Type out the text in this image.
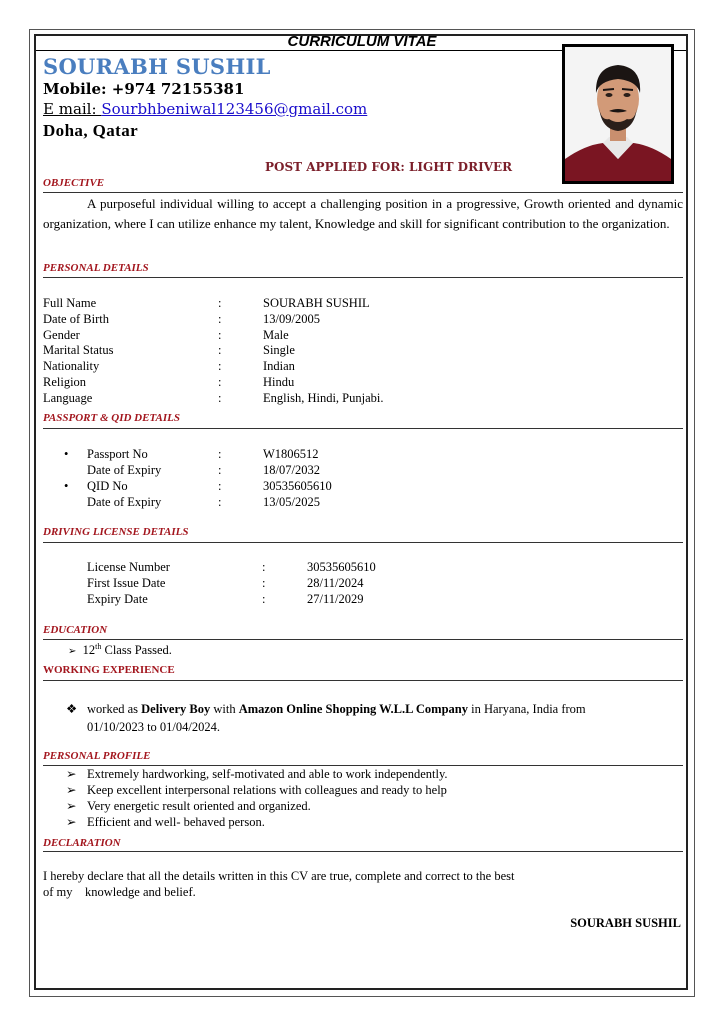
CURRICULUM VITAE
SOURABH SUSHIL
Mobile: +974 72155381
E mail: Sourbhbeniwal123456@gmail.com
Doha, Qatar
POST APPLIED FOR: LIGHT DRIVER
OBJECTIVE
A purposeful individual willing to accept a challenging position in a progressive, Growth oriented and dynamic organization, where I can utilize enhance my talent, Knowledge and skill for significant contribution to the organization.
PERSONAL DETAILS
Full Name	:	SOURABH SUSHIL
Date of Birth	:	13/09/2005
Gender	:	Male
Marital Status	:	Single
Nationality	:	Indian
Religion	:	Hindu
Language	:	English, Hindi, Punjabi.
PASSPORT & QID DETAILS
• Passport No	:	W1806512
Date of Expiry	:	18/07/2032
• QID No	:	30535605610
Date of Expiry	:	13/05/2025
DRIVING LICENSE DETAILS
License Number	:	30535605610
First Issue Date	:	28/11/2024
Expiry Date	:	27/11/2029
EDUCATION
➢ 12th Class Passed.
WORKING EXPERIENCE
❖ worked as Delivery Boy with Amazon Online Shopping W.L.L Company in Haryana, India from
01/10/2023 to 01/04/2024.
PERSONAL PROFILE
➢ Extremely hardworking, self-motivated and able to work independently.
➢ Keep excellent interpersonal relations with colleagues and ready to help
➢ Very energetic result oriented and organized.
➢ Efficient and well- behaved person.
DECLARATION
I hereby declare that all the details written in this CV are true, complete and correct to the best
of my    knowledge and belief.
SOURABH SUSHIL
